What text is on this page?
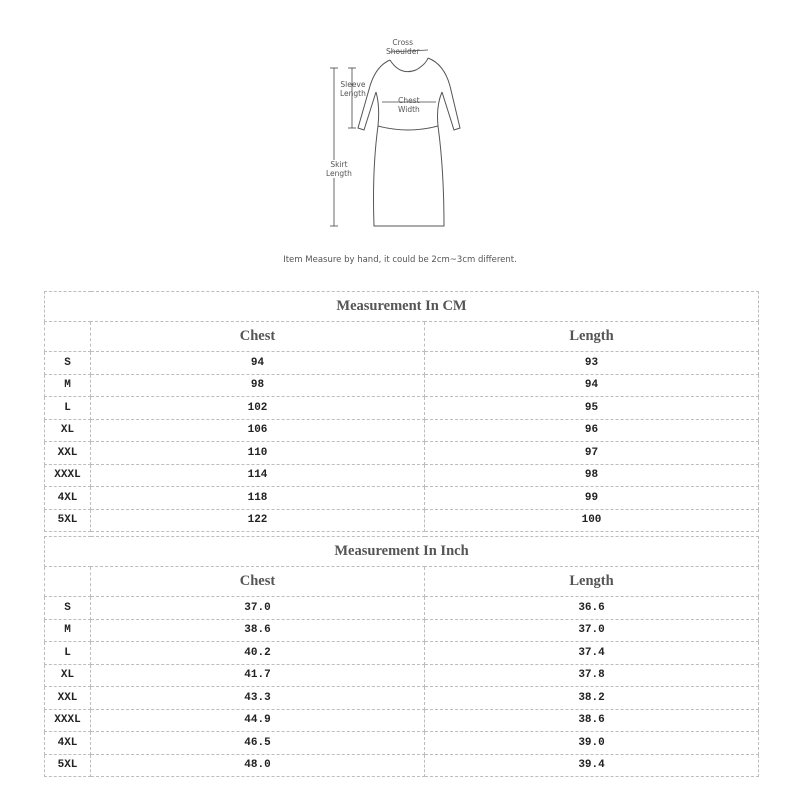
Cross
Shoulder
Sleeve
Length
Chest
Width
Skirt
Length
Item Measure by hand, it could be 2cm~3cm different.
Measurement In CM		
	Chest	Length
S	94	93
M	98	94
L	102	95
XL	106	96
XXL	110	97
XXXL	114	98
4XL	118	99
5XL	122	100
Measurement In Inch		
	Chest	Length
S	37.0	36.6
M	38.6	37.0
L	40.2	37.4
XL	41.7	37.8
XXL	43.3	38.2
XXXL	44.9	38.6
4XL	46.5	39.0
5XL	48.0	39.4
